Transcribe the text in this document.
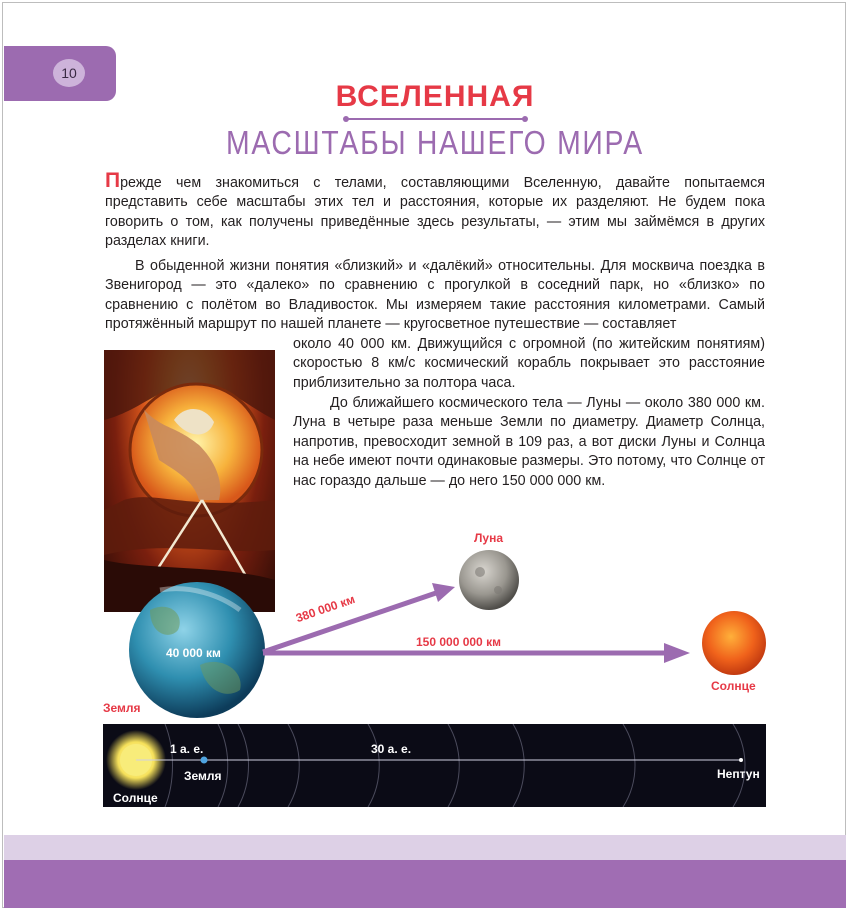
10
ВСЕЛЕННАЯ
МАСШТАБЫ НАШЕГО МИРА
Прежде чем знакомиться с телами, составляющими Вселенную, давайте попытаемся представить себе масштабы этих тел и расстояния, которые их разделяют. Не будем пока говорить о том, как получены приведённые здесь результаты, — этим мы займёмся в других разделах книги.
В обыденной жизни понятия «близкий» и «далёкий» относительны. Для москвича поездка в Звенигород — это «далеко» по сравнению с прогулкой в соседний парк, но «близко» по сравнению с полётом во Владивосток. Мы измеряем такие расстояния километрами. Самый протяжённый маршрут по нашей планете — кругосветное путешествие — составляет
около 40 000 км. Движущийся с огромной (по житейским понятиям) скоростью 8 км/с космический корабль покрывает это расстояние приблизительно за полтора часа.
До ближайшего космического тела — Луны — около 380 000 км. Луна в четыре раза меньше Земли по диаметру. Диаметр Солнца, напротив, превосходит земной в 109 раз, а вот диски Луны и Солнца на небе имеют почти одинаковые размеры. Это потому, что Солнце от нас гораздо дальше — до него 150 000 000 км.
Луна
380 000 км
150 000 000 км
40 000 км
Земля
Солнце
1 а. е.	30 а. е.
Земля	Нептун
Солнце
